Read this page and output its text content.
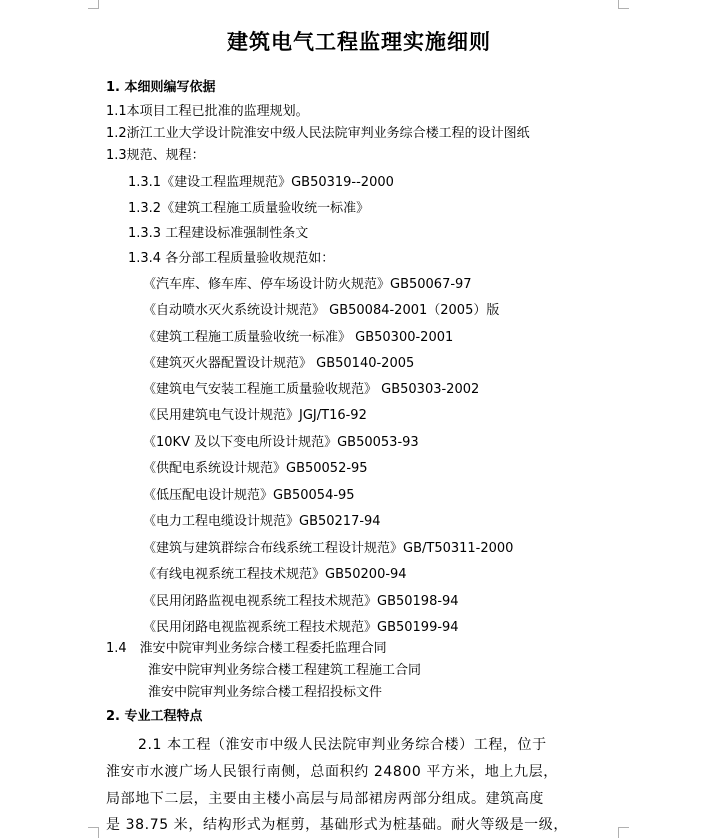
建筑电气工程监理实施细则
1. 本细则编写依据
1.1本项目工程已批准的监理规划。
1.2浙江工业大学设计院淮安中级人民法院审判业务综合楼工程的设计图纸
1.3规范、规程：
1.3.1《建设工程监理规范》GB50319--2000
1.3.2《建筑工程施工质量验收统一标准》
1.3.3 工程建设标准强制性条文
1.3.4 各分部工程质量验收规范如：
《汽车库、修车库、停车场设计防火规范》GB50067-97
《自动喷水灭火系统设计规范》 GB50084-2001（2005）版
《建筑工程施工质量验收统一标准》 GB50300-2001
《建筑灭火器配置设计规范》 GB50140-2005
《建筑电气安装工程施工质量验收规范》 GB50303-2002
《民用建筑电气设计规范》JGJ/T16-92
《10KV 及以下变电所设计规范》GB50053-93
《供配电系统设计规范》GB50052-95
《低压配电设计规范》GB50054-95
《电力工程电缆设计规范》GB50217-94
《建筑与建筑群综合布线系统工程设计规范》GB/T50311-2000
《有线电视系统工程技术规范》GB50200-94
《民用闭路监视电视系统工程技术规范》GB50198-94
《民用闭路电视监视系统工程技术规范》GB50199-94
1.4　淮安中院审判业务综合楼工程委托监理合同
淮安中院审判业务综合楼工程建筑工程施工合同
淮安中院审判业务综合楼工程招投标文件
2. 专业工程特点
2.1 本工程（淮安市中级人民法院审判业务综合楼）工程，位于
淮安市水渡广场人民银行南侧，总面积约 24800 平方米，地上九层，
局部地下二层，主要由主楼小高层与局部裙房两部分组成。建筑高度
是 38.75 米，结构形式为框剪，基础形式为桩基础。耐火等级是一级，
